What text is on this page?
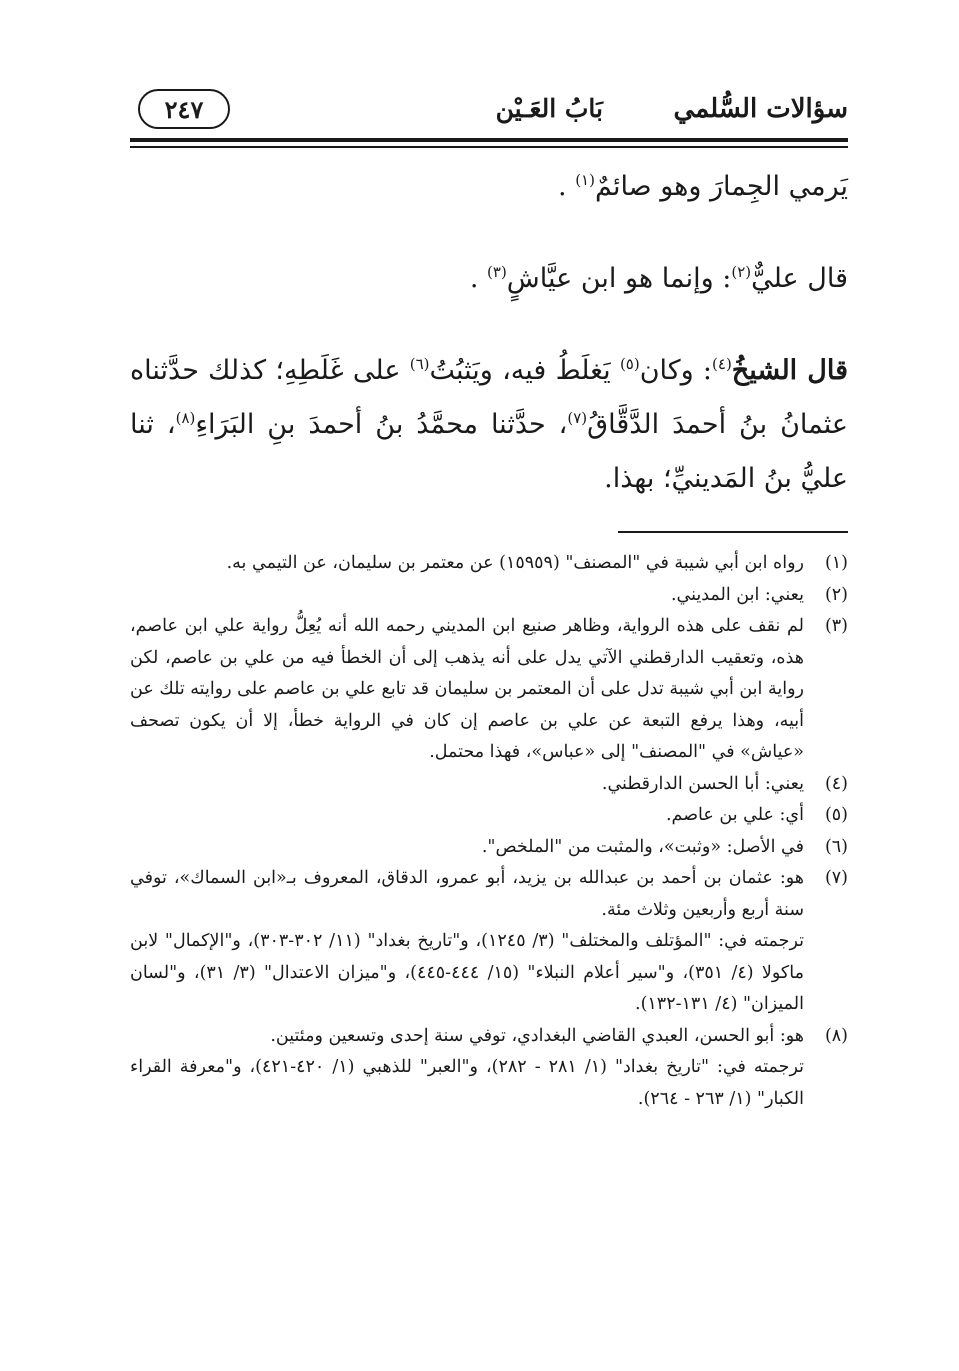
سؤالات السُّلمي
بَابُ العَـيْن
٢٤٧

يَرمي الجِمارَ وهو صائمٌ$^{(١)}$ .

قال عليٌّ$^{(٢)}$: وإنما هو ابن عيَّاشٍ$^{(٣)}$ .

قال الشيخُ$^{(٤)}$: وكان$^{(٥)}$ يَغلَطُ فيه، ويَثبُتُ$^{(٦)}$ على غَلَطِهِ؛ كذلك حدَّثناه عثمانُ بنُ أحمدَ الدَّقَّاقُ$^{(٧)}$، حدَّثنا محمَّدُ بنُ أحمدَ بنِ البَرَاءِ$^{(٨)}$، ثنا عليُّ بنُ المَدينيِّ؛ بهذا.

(١)
رواه ابن أبي شيبة في "المصنف" (١٥٩٥٩) عن معتمر بن سليمان، عن التيمي به.
(٢)
يعني: ابن المديني.
(٣)
لم نقف على هذه الرواية، وظاهر صنيع ابن المديني رحمه الله أنه يُعِلُّ رواية علي ابن عاصم، هذه، وتعقيب الدارقطني الآتي يدل على أنه يذهب إلى أن الخطأ فيه من علي بن عاصم، لكن رواية ابن أبي شيبة تدل على أن المعتمر بن سليمان قد تابع علي بن عاصم على روايته تلك عن أبيه، وهذا يرفع التبعة عن علي بن عاصم إن كان في الرواية خطأ، إلا أن يكون تصحف «عياش» في "المصنف" إلى «عباس»، فهذا محتمل.
(٤)
يعني: أبا الحسن الدارقطني.
(٥)
أي: علي بن عاصم.
(٦)
في الأصل: «وثبت»، والمثبت من "الملخص".
(٧)
هو: عثمان بن أحمد بن عبدالله بن يزيد، أبو عمرو، الدقاق، المعروف بـ«ابن السماك»، توفي سنة أربع وأربعين وثلاث مئة.
ترجمته في: "المؤتلف والمختلف" (٣/ ١٢٤٥)، و"تاريخ بغداد" (١١/ ٣٠٢-٣٠٣)، و"الإكمال" لابن ماكولا (٤/ ٣٥١)، و"سير أعلام النبلاء" (١٥/ ٤٤٤-٤٤٥)، و"ميزان الاعتدال" (٣/ ٣١)، و"لسان الميزان" (٤/ ١٣١-١٣٢).
(٨)
هو: أبو الحسن، العبدي القاضي البغدادي، توفي سنة إحدى وتسعين ومئتين.
ترجمته في: "تاريخ بغداد" (١/ ٢٨١ - ٢٨٢)، و"العبر" للذهبي (١/ ٤٢٠-٤٢١)، و"معرفة القراء الكبار" (١/ ٢٦٣ - ٢٦٤).
